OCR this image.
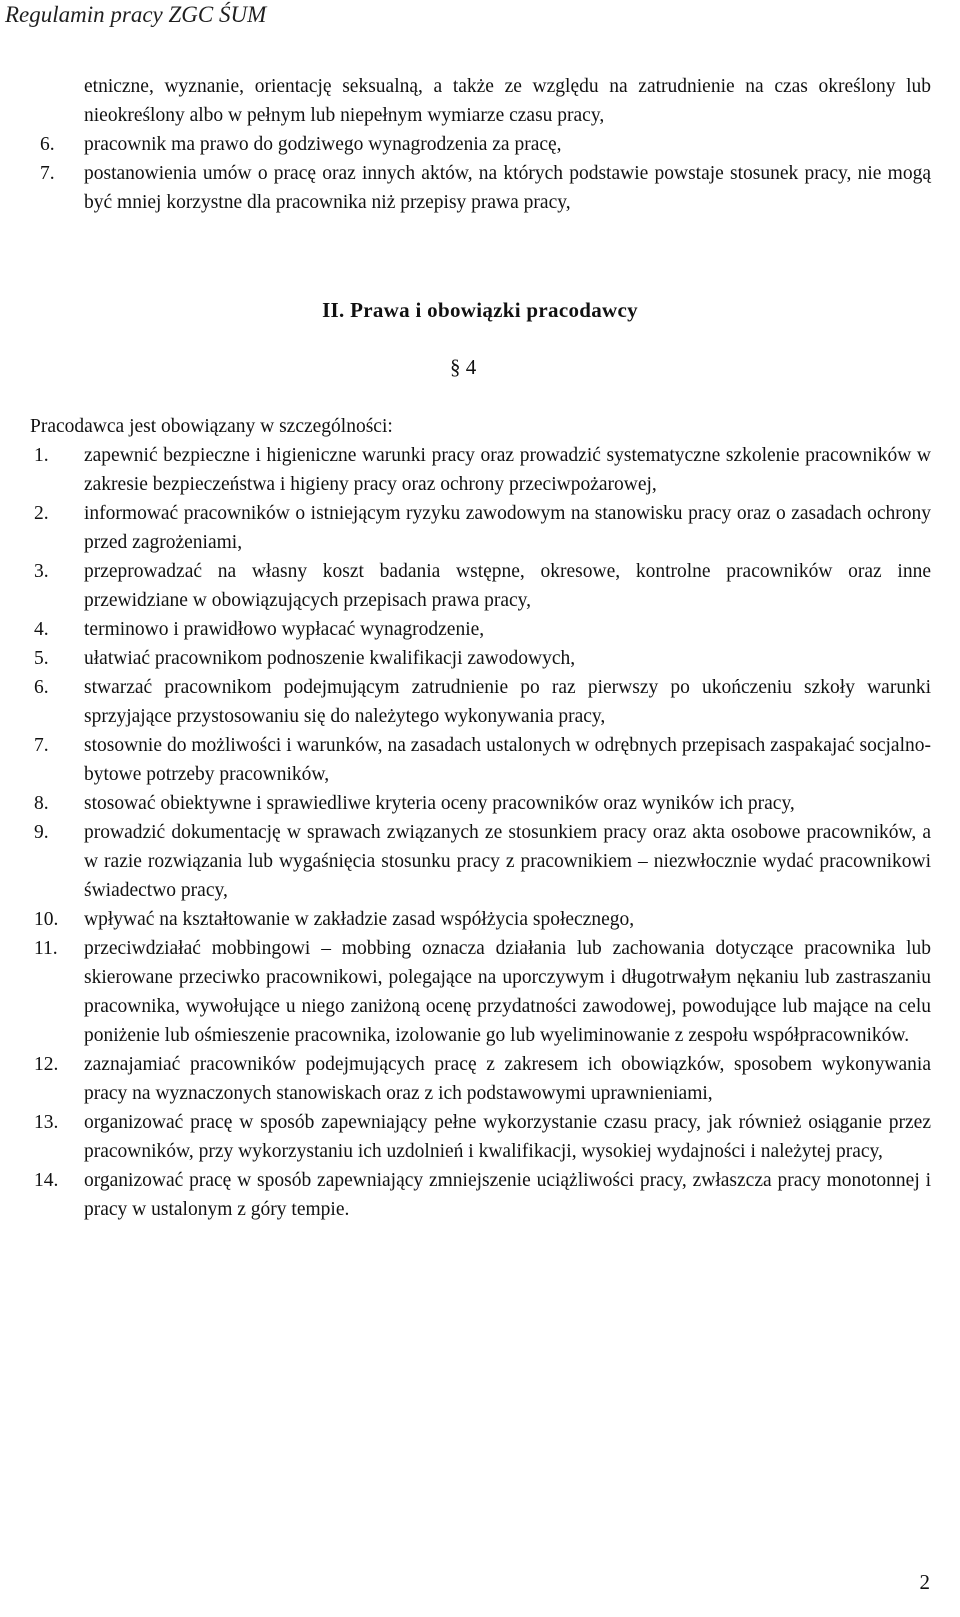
Regulamin pracy ZGC ŚUM
etniczne, wyznanie, orientację seksualną, a także ze względu na zatrudnienie na czas określony lub nieokreślony albo w pełnym lub niepełnym wymiarze czasu pracy,
6.	pracownik ma prawo do godziwego wynagrodzenia za pracę,
7.	postanowienia umów o pracę oraz innych aktów, na których podstawie powstaje stosunek pracy, nie mogą być mniej korzystne dla pracownika niż przepisy prawa pracy,
II. Prawa i obowiązki pracodawcy
§ 4
Pracodawca jest obowiązany w szczególności:
1.	zapewnić bezpieczne i higieniczne warunki pracy oraz prowadzić systematyczne szkolenie pracowników w zakresie bezpieczeństwa i higieny pracy oraz ochrony przeciwpożarowej,
2.	informować pracowników o istniejącym ryzyku zawodowym na stanowisku pracy oraz o zasadach ochrony przed zagrożeniami,
3.	przeprowadzać na własny koszt badania wstępne, okresowe, kontrolne pracowników oraz inne przewidziane w obowiązujących przepisach prawa pracy,
4.	terminowo i prawidłowo wypłacać wynagrodzenie,
5.	ułatwiać pracownikom podnoszenie kwalifikacji zawodowych,
6.	stwarzać pracownikom podejmującym zatrudnienie po raz pierwszy po ukończeniu szkoły warunki sprzyjające przystosowaniu się do należytego wykonywania pracy,
7.	stosownie do możliwości i warunków, na zasadach ustalonych w odrębnych przepisach zaspakajać socjalno-bytowe potrzeby pracowników,
8.	stosować obiektywne i sprawiedliwe kryteria oceny pracowników oraz wyników ich pracy,
9.	prowadzić dokumentację w sprawach związanych ze stosunkiem pracy oraz akta osobowe pracowników, a w razie rozwiązania lub wygaśnięcia stosunku pracy z pracownikiem – niezwłocznie wydać pracownikowi świadectwo pracy,
10.	wpływać na kształtowanie w zakładzie zasad współżycia społecznego,
11.	przeciwdziałać mobbingowi – mobbing oznacza działania lub zachowania dotyczące pracownika lub skierowane przeciwko pracownikowi, polegające na uporczywym i długotrwałym nękaniu lub zastraszaniu pracownika, wywołujące u niego zaniżoną ocenę przydatności zawodowej, powodujące lub mające na celu poniżenie lub ośmieszenie pracownika, izolowanie go lub wyeliminowanie z zespołu współpracowników.
12.	zaznajamiać pracowników podejmujących pracę z zakresem ich obowiązków, sposobem wykonywania pracy na wyznaczonych stanowiskach oraz z ich podstawowymi uprawnieniami,
13.	organizować pracę w sposób zapewniający pełne wykorzystanie czasu pracy, jak również osiąganie przez pracowników, przy wykorzystaniu ich uzdolnień i kwalifikacji, wysokiej wydajności i należytej pracy,
14.	organizować pracę w sposób zapewniający zmniejszenie uciążliwości pracy, zwłaszcza pracy monotonnej i pracy w ustalonym z góry tempie.
2
